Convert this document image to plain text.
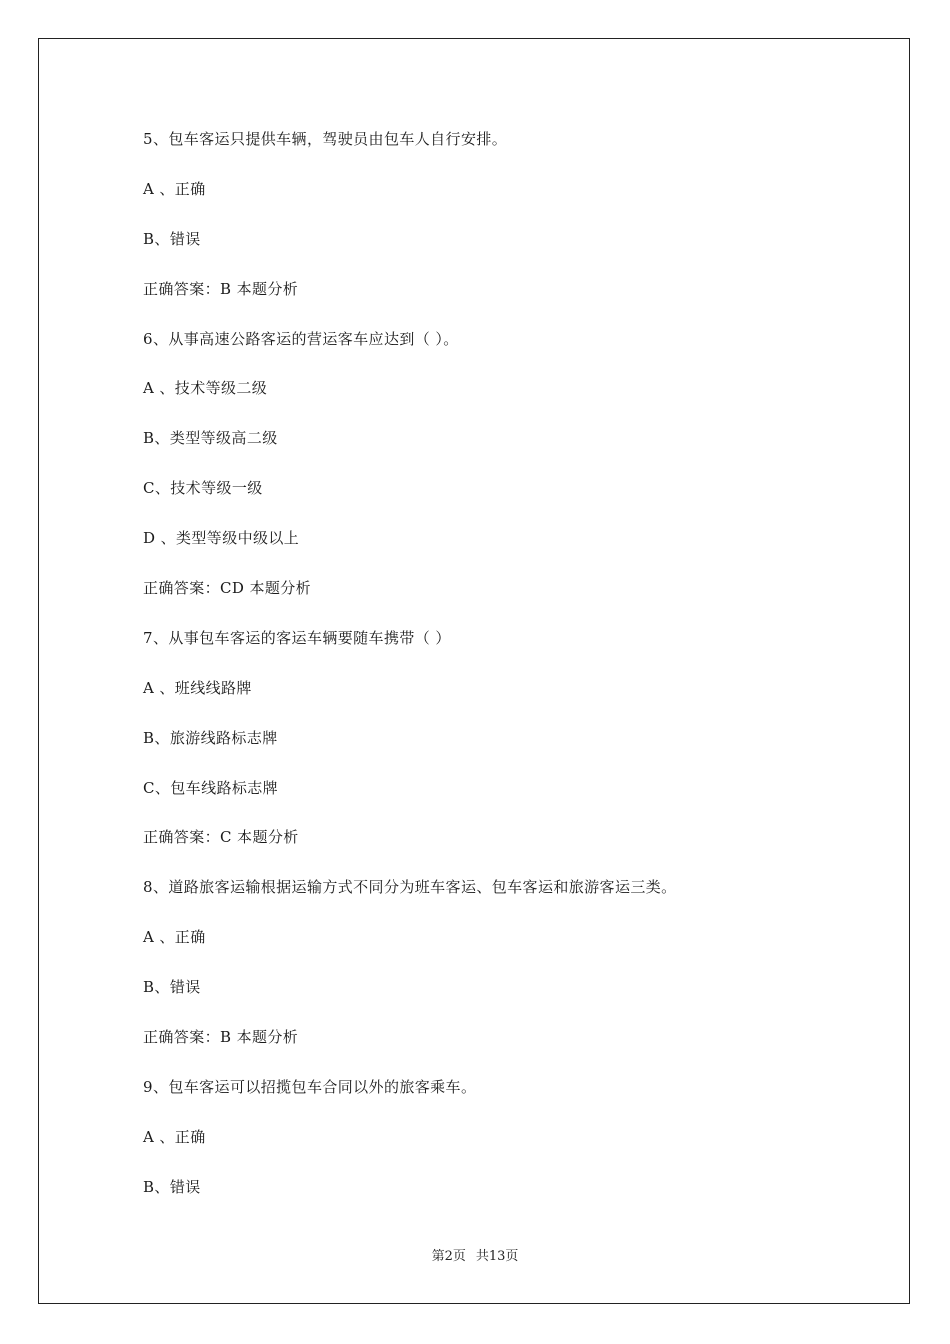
5、包车客运只提供车辆，驾驶员由包车人自行安排。
A 、正确
B、错误
正确答案：B 本题分析
6、从事高速公路客运的营运客车应达到（ ）。
A 、技术等级二级
B、类型等级高二级
C、技术等级一级
D 、类型等级中级以上
正确答案：CD 本题分析
7、从事包车客运的客运车辆要随车携带（ ）
A 、班线线路牌
B、旅游线路标志牌
C、包车线路标志牌
正确答案：C 本题分析
8、道路旅客运输根据运输方式不同分为班车客运、包车客运和旅游客运三类。
A 、正确
B、错误
正确答案：B 本题分析
9、包车客运可以招揽包车合同以外的旅客乘车。
A 、正确
B、错误
第2页 共13页
